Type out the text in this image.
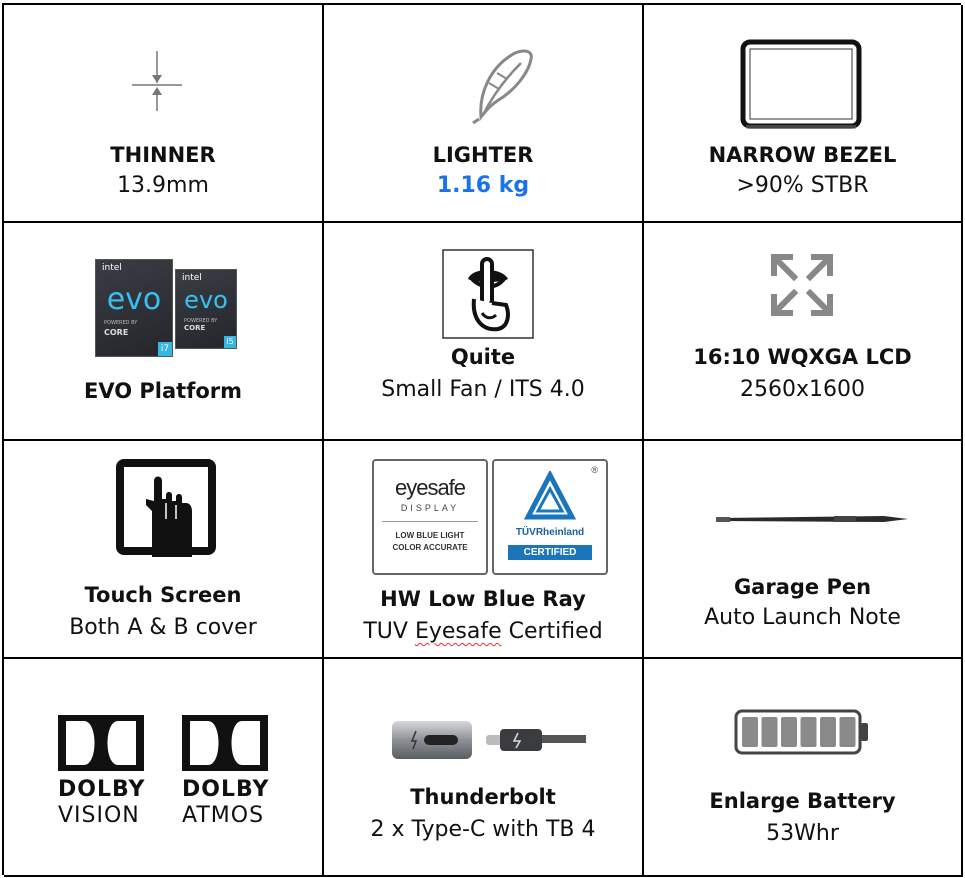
THINNER
13.9mm
LIGHTER
1.16 kg
NARROW BEZEL
>90% STBR
intel
evo
POWERED BY
CORE
i7
intel
evo
POWERED BY
CORE
i5
EVO Platform
Quite
Small Fan / ITS 4.0
16:10 WQXGA LCD
2560x1600
Touch Screen
Both A & B cover
eyesafe
DISPLAY
LOW BLUE LIGHT
COLOR ACCURATE
®
TÜVRheinland
CERTIFIED
HW Low Blue Ray
TUV Eyesafe Certified
Garage Pen
Auto Launch Note
DOLBY
VISION
DOLBY
ATMOS
Thunderbolt
2 x Type-C with TB 4
Enlarge Battery
53Whr
